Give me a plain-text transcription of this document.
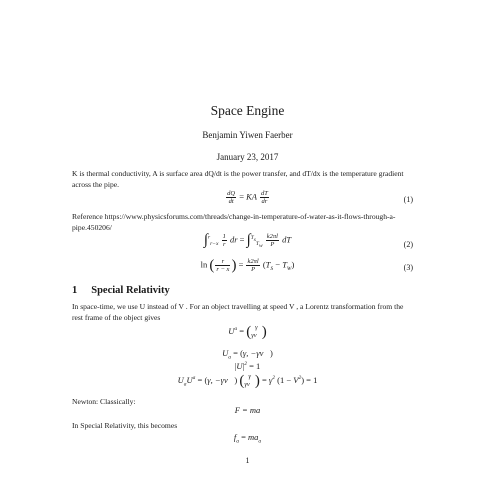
Space Engine
Benjamin Yiwen Faerber
January 23, 2017
K is thermal conductivity, A is surface area dQ/dt is the power transfer, and dT/dx is the temperature gradient across the pipe.
$\frac{dQ}{dt}$ = KA $\frac{dT}{dr}$	(1)
Reference https://www.physicsforums.com/threads/change-in-temperature-of-water-as-it-flows-through-a-pipe.450206/
$\int^r_{r-x} \frac{1}{r}$ dr = $\int^{T_s}_{T_w} \frac{k2\pi l}{P}$ dT
(2)
ln ( $\frac{r}{r - x}$ ) = $\frac{k2\pi l}{P} (T_S - T_W)$	(3)
1 Special Relativity
In space-time, we use U instead of V . For an object travelling at speed V , a Lorentz transformation from the rest frame of the object gives
$U^a$ = ( γ
γv⃗)
$U_a = (\gamma$, −γv⃗)
$|U|^2 = 1$
$U_aU^a = (\gamma$, −γv⃗) ( γ
γv⃗) = $\gamma^2$ $(1 - V^2) = 1$
Newton: Classically:
F = ma
In Special Relativity, this becomes
$f_a = ma_a$
1
